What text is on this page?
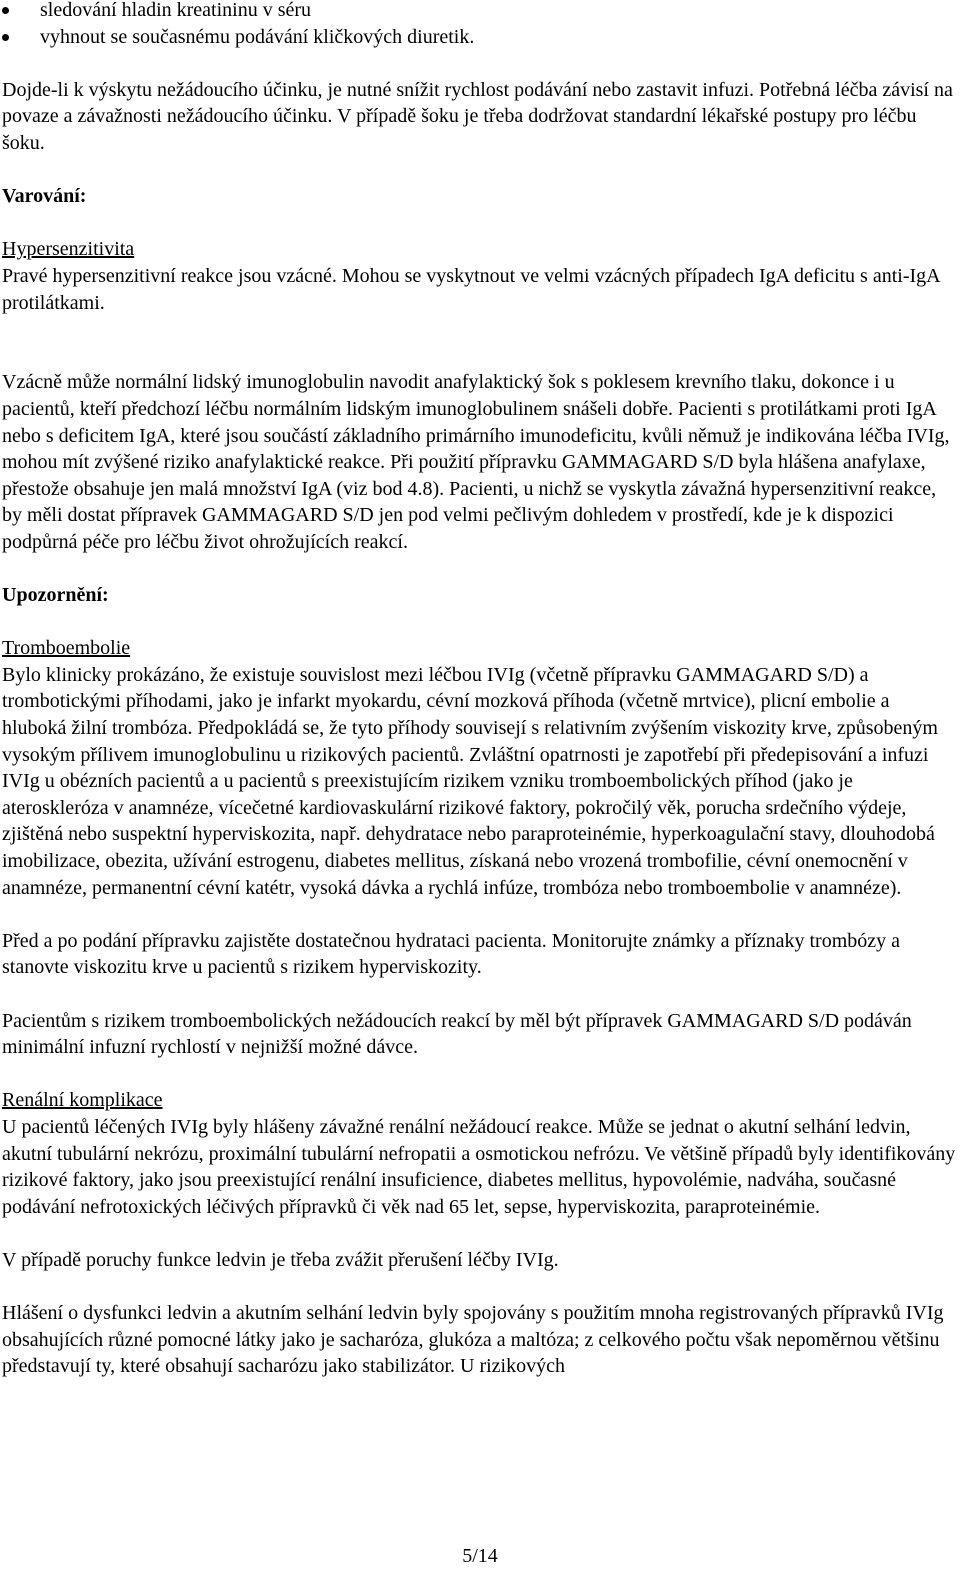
sledování hladin kreatininu v séru
vyhnout se současnému podávání kličkových diuretik.

Dojde-li k výskytu nežádoucího účinku, je nutné snížit rychlost podávání nebo zastavit infuzi. Potřebná léčba závisí na povaze a závažnosti nežádoucího účinku. V případě šoku je třeba dodržovat standardní lékařské postupy pro léčbu šoku.

Varování:

Hypersenzitivita

Pravé hypersenzitivní reakce jsou vzácné. Mohou se vyskytnout ve velmi vzácných případech IgA deficitu s anti-IgA protilátkami.

Vzácně může normální lidský imunoglobulin navodit anafylaktický šok s poklesem krevního tlaku, dokonce i u pacientů, kteří předchozí léčbu normálním lidským imunoglobulinem snášeli dobře. Pacienti s protilátkami proti IgA nebo s deficitem IgA, které jsou součástí základního primárního imunodeficitu, kvůli němuž je indikována léčba IVIg, mohou mít zvýšené riziko anafylaktické reakce. Při použití přípravku GAMMAGARD S/D byla hlášena anafylaxe, přestože obsahuje jen malá množství IgA (viz bod 4.8). Pacienti, u nichž se vyskytla závažná hypersenzitivní reakce, by měli dostat přípravek GAMMAGARD S/D jen pod velmi pečlivým dohledem v prostředí, kde je k dispozici podpůrná péče pro léčbu život ohrožujících reakcí.

Upozornění:

Tromboembolie

Bylo klinicky prokázáno, že existuje souvislost mezi léčbou IVIg (včetně přípravku GAMMAGARD S/D) a trombotickými příhodami, jako je infarkt myokardu, cévní mozková příhoda (včetně mrtvice), plicní embolie a hluboká žilní trombóza. Předpokládá se, že tyto příhody souvisejí s relativním zvýšením viskozity krve, způsobeným vysokým přílivem imunoglobulinu u rizikových pacientů. Zvláštní opatrnosti je zapotřebí při předepisování a infuzi IVIg u obézních pacientů a u pacientů s preexistujícím rizikem vzniku tromboembolických příhod (jako je ateroskleróza v anamnéze, vícečetné kardiovaskulární rizikové faktory, pokročilý věk, porucha srdečního výdeje, zjištěná nebo suspektní hyperviskozita, např. dehydratace nebo paraproteinémie, hyperkoagulační stavy, dlouhodobá imobilizace, obezita, užívání estrogenu, diabetes mellitus, získaná nebo vrozená trombofilie, cévní onemocnění v anamnéze, permanentní cévní katétr, vysoká dávka a rychlá infúze, trombóza nebo tromboembolie v anamnéze).

Před a po podání přípravku zajistěte dostatečnou hydrataci pacienta. Monitorujte známky a příznaky trombózy a stanovte viskozitu krve u pacientů s rizikem hyperviskozity.

Pacientům s rizikem tromboembolických nežádoucích reakcí by měl být přípravek GAMMAGARD S/D podáván minimální infuzní rychlostí v nejnižší možné dávce.

Renální komplikace

U pacientů léčených IVIg byly hlášeny závažné renální nežádoucí reakce. Může se jednat o akutní selhání ledvin, akutní tubulární nekrózu, proximální tubulární nefropatii a osmotickou nefrózu. Ve většině případů byly identifikovány rizikové faktory, jako jsou preexistující renální insuficience, diabetes mellitus, hypovolémie, nadváha, současné podávání nefrotoxických léčivých přípravků či věk nad 65 let, sepse, hyperviskozita, paraproteinémie.

V případě poruchy funkce ledvin je třeba zvážit přerušení léčby IVIg.

Hlášení o dysfunkci ledvin a akutním selhání ledvin byly spojovány s použitím mnoha registrovaných přípravků IVIg obsahujících různé pomocné látky jako je sacharóza, glukóza a maltóza; z celkového počtu však nepoměrnou většinu představují ty, které obsahují sacharózu jako stabilizátor. U rizikových

5/14
